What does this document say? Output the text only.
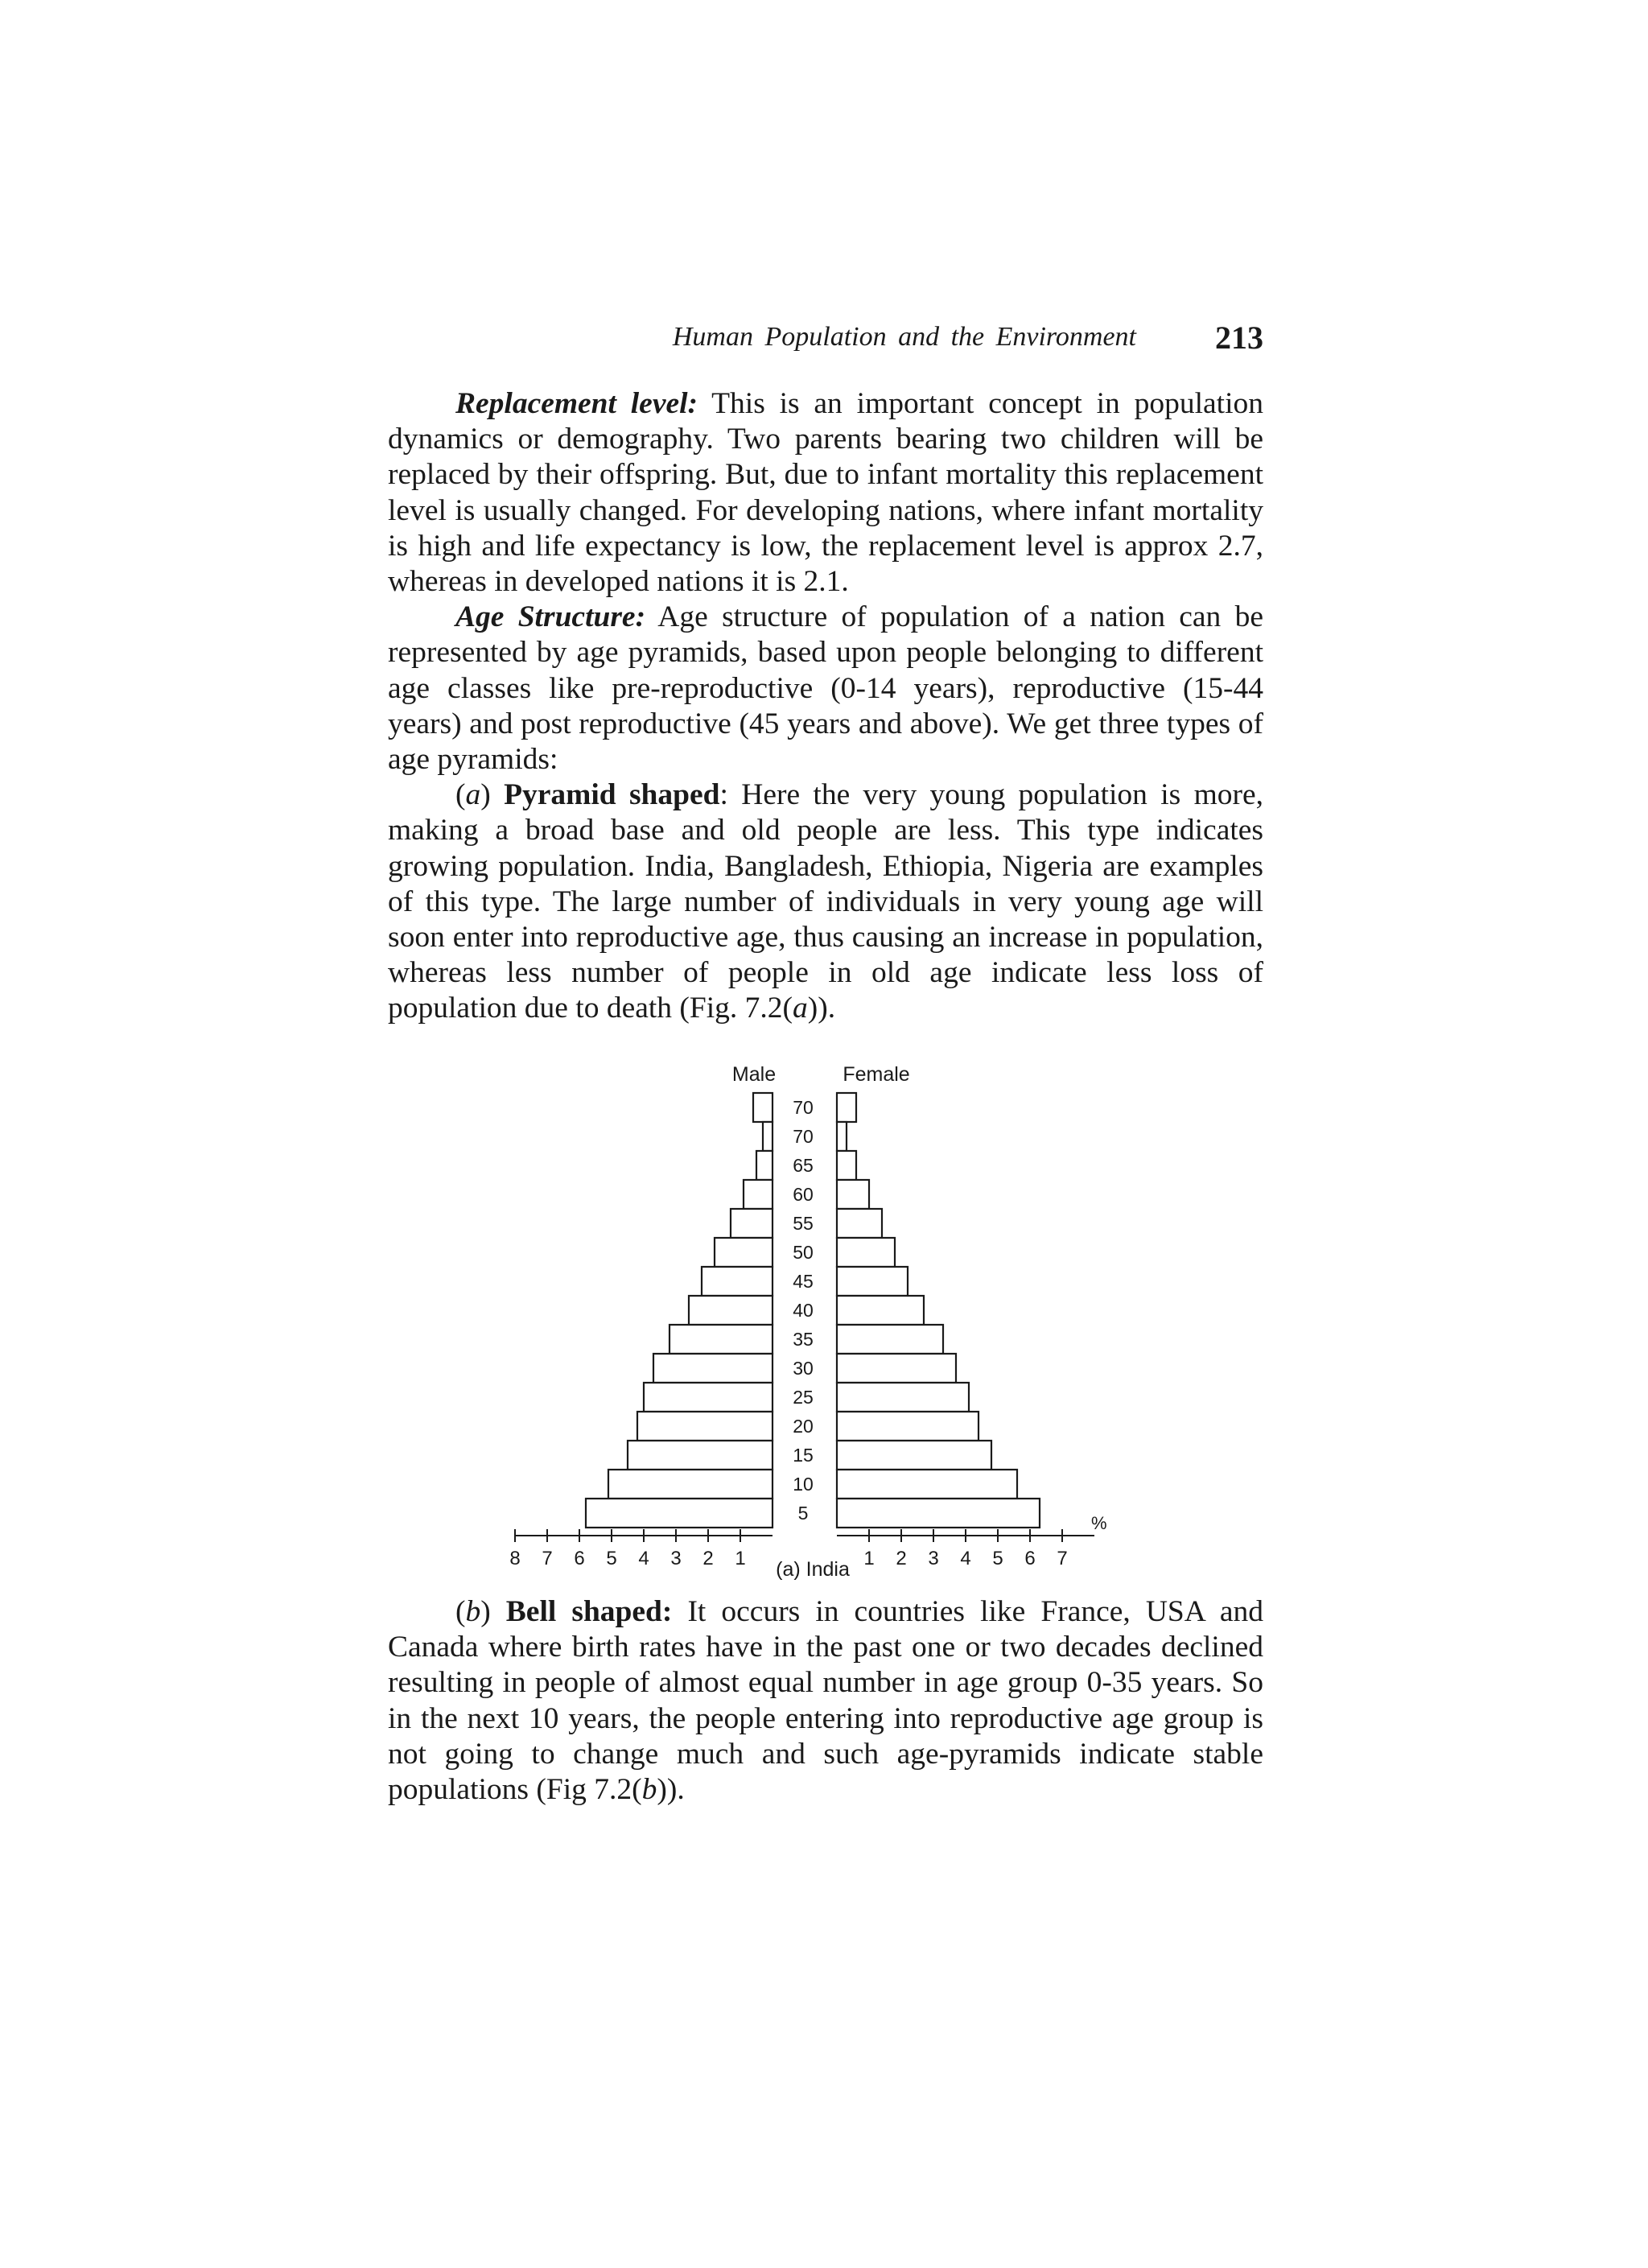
Human Population and the Environment 213

Replacement level: This is an important concept in population dynamics or demography. Two parents bearing two children will be replaced by their offspring. But, due to infant mortality this replacement level is usually changed. For developing nations, where infant mortality is high and life expectancy is low, the replacement level is approx 2.7, whereas in developed nations it is 2.1.

Age Structure: Age structure of population of a nation can be represented by age pyramids, based upon people belonging to different age classes like pre-reproductive (0-14 years), reproductive (15-44 years) and post reproductive (45 years and above). We get three types of age pyramids:

(a) Pyramid shaped: Here the very young population is more, making a broad base and old people are less. This type indicates growing population. India, Bangladesh, Ethiopia, Nigeria are examples of this type. The large number of individuals in very young age will soon enter into reproductive age, thus causing an increase in population, whereas less number of people in old age indicate less loss of population due to death (Fig. 7.2(a)).

Male	Female
70
70
65
60
55
50
45
40
35
30
25
20
15
10
5
8 7 6 5 4 3 2 1	1 2 3 4 5 6 7
%
(a) India

(b) Bell shaped: It occurs in countries like France, USA and Canada where birth rates have in the past one or two decades declined resulting in people of almost equal number in age group 0-35 years. So in the next 10 years, the people entering into reproductive age group is not going to change much and such age-pyramids indicate stable populations (Fig 7.2(b)).
